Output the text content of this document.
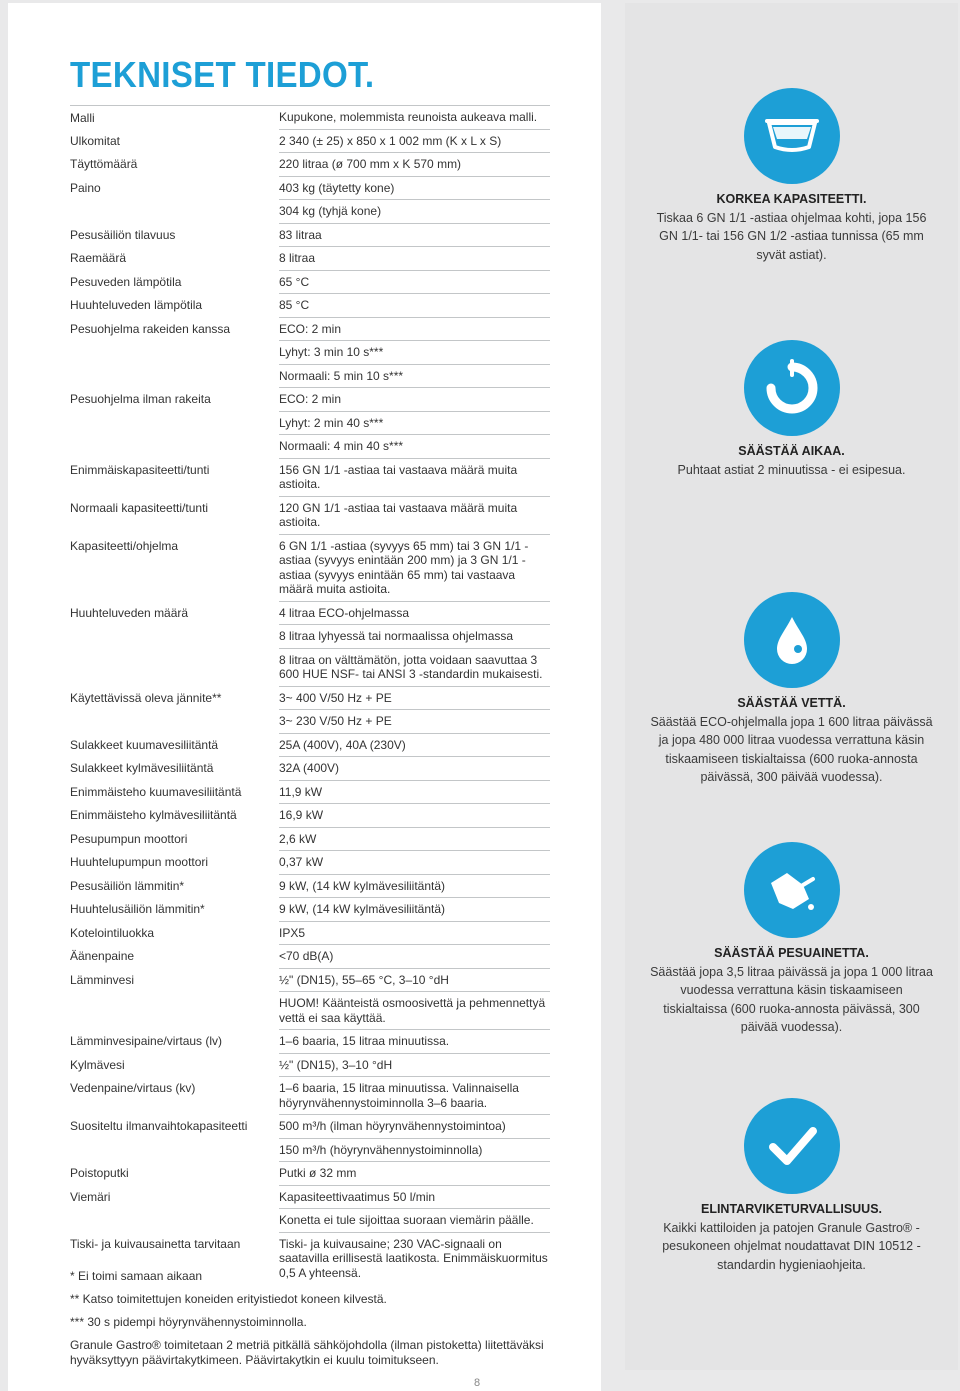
TEKNISET TIEDOT.
Malli	Kupukone, molemmista reunoista aukeava malli.
Ulkomitat	2 340 (± 25) x 850 x 1 002 mm (K x L x S)
Täyttömäärä	220 litraa (ø 700 mm x K 570 mm)
Paino	403 kg (täytetty kone)
304 kg (tyhjä kone)
Pesusäiliön tilavuus	83 litraa
Raemäärä	8 litraa
Pesuveden lämpötila	65 °C
Huuhteluveden lämpötila	85 °C
Pesuohjelma rakeiden kanssa	ECO: 2 min
Lyhyt: 3 min 10 s***
Normaali: 5 min 10 s***
Pesuohjelma ilman rakeita	ECO: 2 min
Lyhyt: 2 min 40 s***
Normaali: 4 min 40 s***
Enimmäiskapasiteetti/tunti	156 GN 1/1 -astiaa tai vastaava määrä muita astioita.
Normaali kapasiteetti/tunti	120 GN 1/1 -astiaa tai vastaava määrä muita astioita.
Kapasiteetti/ohjelma	6 GN 1/1 -astiaa (syvyys 65 mm) tai 3 GN 1/1 -astiaa (syvyys enintään 200 mm) ja 3 GN 1/1 -astiaa (syvyys enintään 65 mm) tai vastaava määrä muita astioita.
Huuhteluveden määrä	4 litraa ECO-ohjelmassa
8 litraa lyhyessä tai normaalissa ohjelmassa
8 litraa on välttämätön, jotta voidaan saavuttaa 3 600 HUE NSF- tai ANSI 3 -standardin mukaisesti.
Käytettävissä oleva jännite**	3~ 400 V/50 Hz + PE
3~ 230 V/50 Hz + PE
Sulakkeet kuumavesiliitäntä	25A (400V), 40A (230V)
Sulakkeet kylmävesiliitäntä	32A (400V)
Enimmäisteho kuumavesiliitäntä	11,9 kW
Enimmäisteho kylmävesiliitäntä	16,9 kW
Pesupumpun moottori	2,6 kW
Huuhtelupumpun moottori	0,37 kW
Pesusäiliön lämmitin*	9 kW, (14 kW kylmävesiliitäntä)
Huuhtelusäiliön lämmitin*	9 kW, (14 kW kylmävesiliitäntä)
Kotelointiluokka	IPX5
Äänenpaine	<70 dB(A)
Lämminvesi	½" (DN15), 55–65 °C, 3–10 °dH
HUOM! Käänteistä osmoosivettä ja pehmennettyä vettä ei saa käyttää.
Lämminvesipaine/virtaus (lv)	1–6 baaria, 15 litraa minuutissa.
Kylmävesi	½" (DN15), 3–10 °dH
Vedenpaine/virtaus (kv)	1–6 baaria, 15 litraa minuutissa. Valinnaisella höyrynvähennystoiminnolla 3–6 baaria.
Suositeltu ilmanvaihtokapasiteetti	500 m³/h (ilman höyrynvähennystoimintoa)
150 m³/h (höyrynvähennystoiminnolla)
Poistoputki	Putki ø 32 mm
Viemäri	Kapasiteettivaatimus 50 l/min
Konetta ei tule sijoittaa suoraan viemärin päälle.
Tiski- ja kuivausainetta tarvitaan	Tiski- ja kuivausaine; 230 VAC-signaali on saatavilla erillisestä laatikosta. Enimmäiskuormitus 0,5 A yhteensä.

* Ei toimi samaan aikaan

** Katso toimitettujen koneiden erityistiedot koneen kilvestä.

*** 30 s pidempi höyrynvähennystoiminnolla.

Granule Gastro® toimitetaan 2 metriä pitkällä sähköjohdolla (ilman pistoketta) liitettäväksi hyväksyttyyn päävirtakytkimeen. Päävirtakytkin ei kuulu toimitukseen.

8
KORKEA KAPASITEETTI.

Tiskaa 6 GN 1/1 -astiaa ohjelmaa kohti, jopa 156 GN 1/1- tai 156 GN 1/2 -astiaa tunnissa (65 mm syvät astiat).

SÄÄSTÄÄ AIKAA.

Puhtaat astiat 2 minuutissa - ei esipesua.

SÄÄSTÄÄ VETTÄ.

Säästää ECO-ohjelmalla jopa 1 600 litraa päivässä ja jopa 480 000 litraa vuodessa verrattuna käsin tiskaamiseen tiskialtaissa (600 ruoka-annosta päivässä, 300 päivää vuodessa).

SÄÄSTÄÄ PESUAINETTA.

Säästää jopa 3,5 litraa päivässä ja jopa 1 000 litraa vuodessa verrattuna käsin tiskaamiseen tiskialtaissa (600 ruoka-annosta päivässä, 300 päivää vuodessa).

ELINTARVIKETURVALLISUUS.

Kaikki kattiloiden ja patojen Granule Gastro® -pesukoneen ohjelmat noudattavat DIN 10512 -standardin hygieniaohjeita.
